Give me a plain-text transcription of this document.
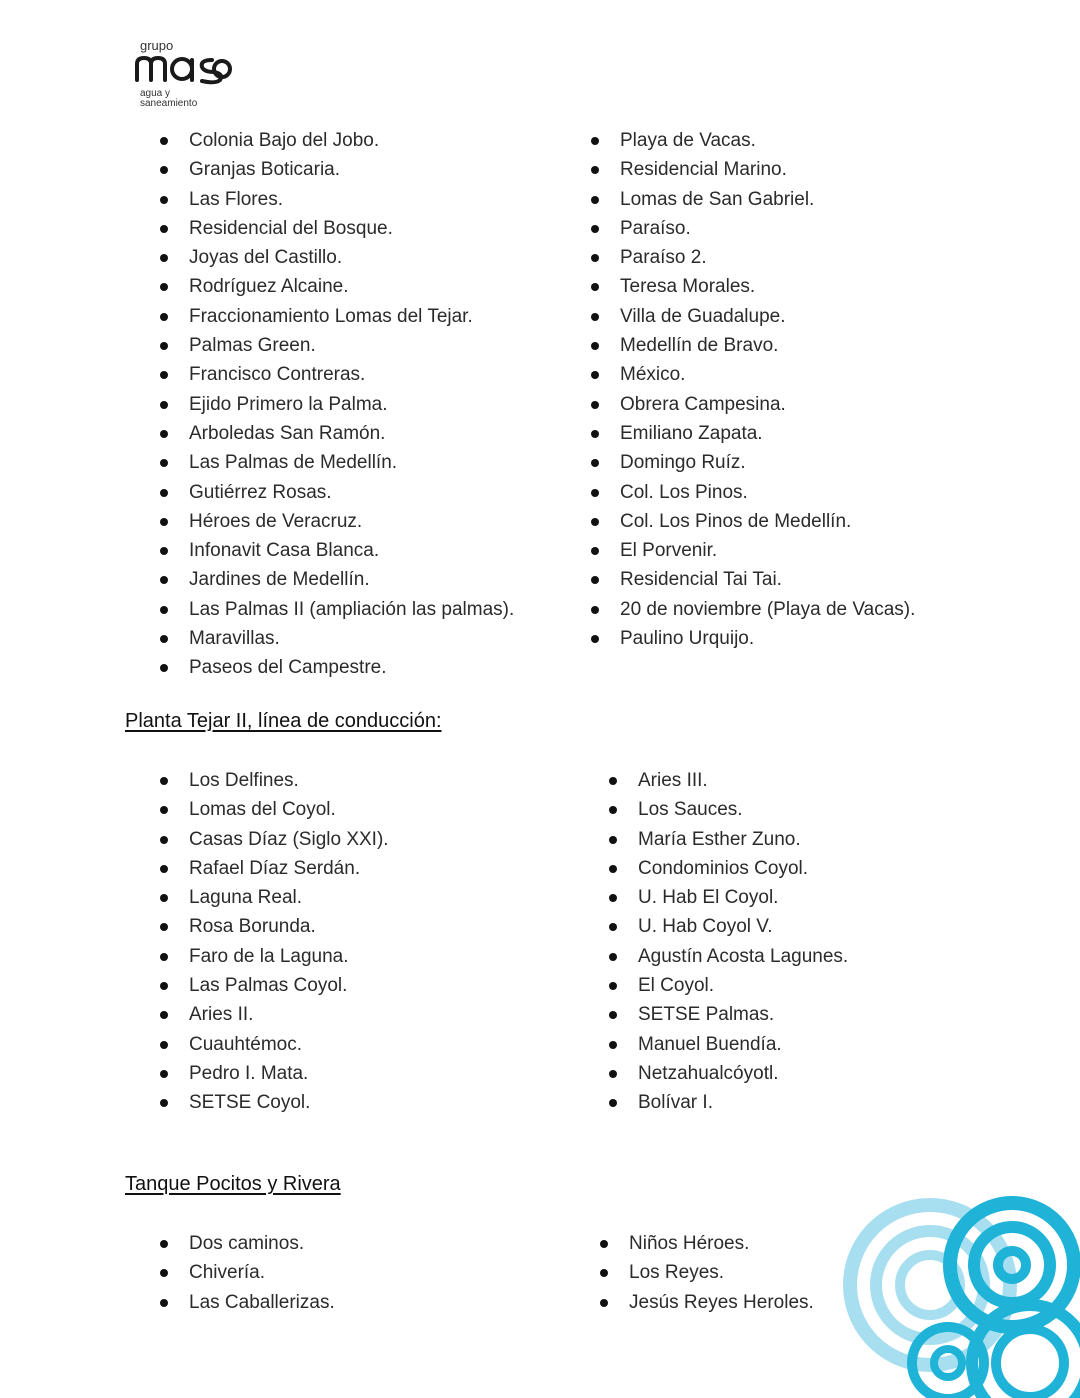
grupo
agua y
saneamiento
Colonia Bajo del Jobo.
Granjas Boticaria.
Las Flores.
Residencial del Bosque.
Joyas del Castillo.
Rodríguez Alcaine.
Fraccionamiento Lomas del Tejar.
Palmas Green.
Francisco Contreras.
Ejido Primero la Palma.
Arboledas San Ramón.
Las Palmas de Medellín.
Gutiérrez Rosas.
Héroes de Veracruz.
Infonavit Casa Blanca.
Jardines de Medellín.
Las Palmas II (ampliación las palmas).
Maravillas.
Paseos del Campestre.
Playa de Vacas.
Residencial Marino.
Lomas de San Gabriel.
Paraíso.
Paraíso 2.
Teresa Morales.
Villa de Guadalupe.
Medellín de Bravo.
México.
Obrera Campesina.
Emiliano Zapata.
Domingo Ruíz.
Col. Los Pinos.
Col. Los Pinos de Medellín.
El Porvenir.
Residencial Tai Tai.
20 de noviembre (Playa de Vacas).
Paulino Urquijo.
Planta Tejar II, línea de conducción:
Los Delfines.
Lomas del Coyol.
Casas Díaz (Siglo XXI).
Rafael Díaz Serdán.
Laguna Real.
Rosa Borunda.
Faro de la Laguna.
Las Palmas Coyol.
Aries II.
Cuauhtémoc.
Pedro I. Mata.
SETSE Coyol.
Aries III.
Los Sauces.
María Esther Zuno.
Condominios Coyol.
U. Hab El Coyol.
U. Hab Coyol V.
Agustín Acosta Lagunes.
El Coyol.
SETSE Palmas.
Manuel Buendía.
Netzahualcóyotl.
Bolívar I.
Tanque Pocitos y Rivera
Dos caminos.
Chivería.
Las Caballerizas.
Niños Héroes.
Los Reyes.
Jesús Reyes Heroles.
